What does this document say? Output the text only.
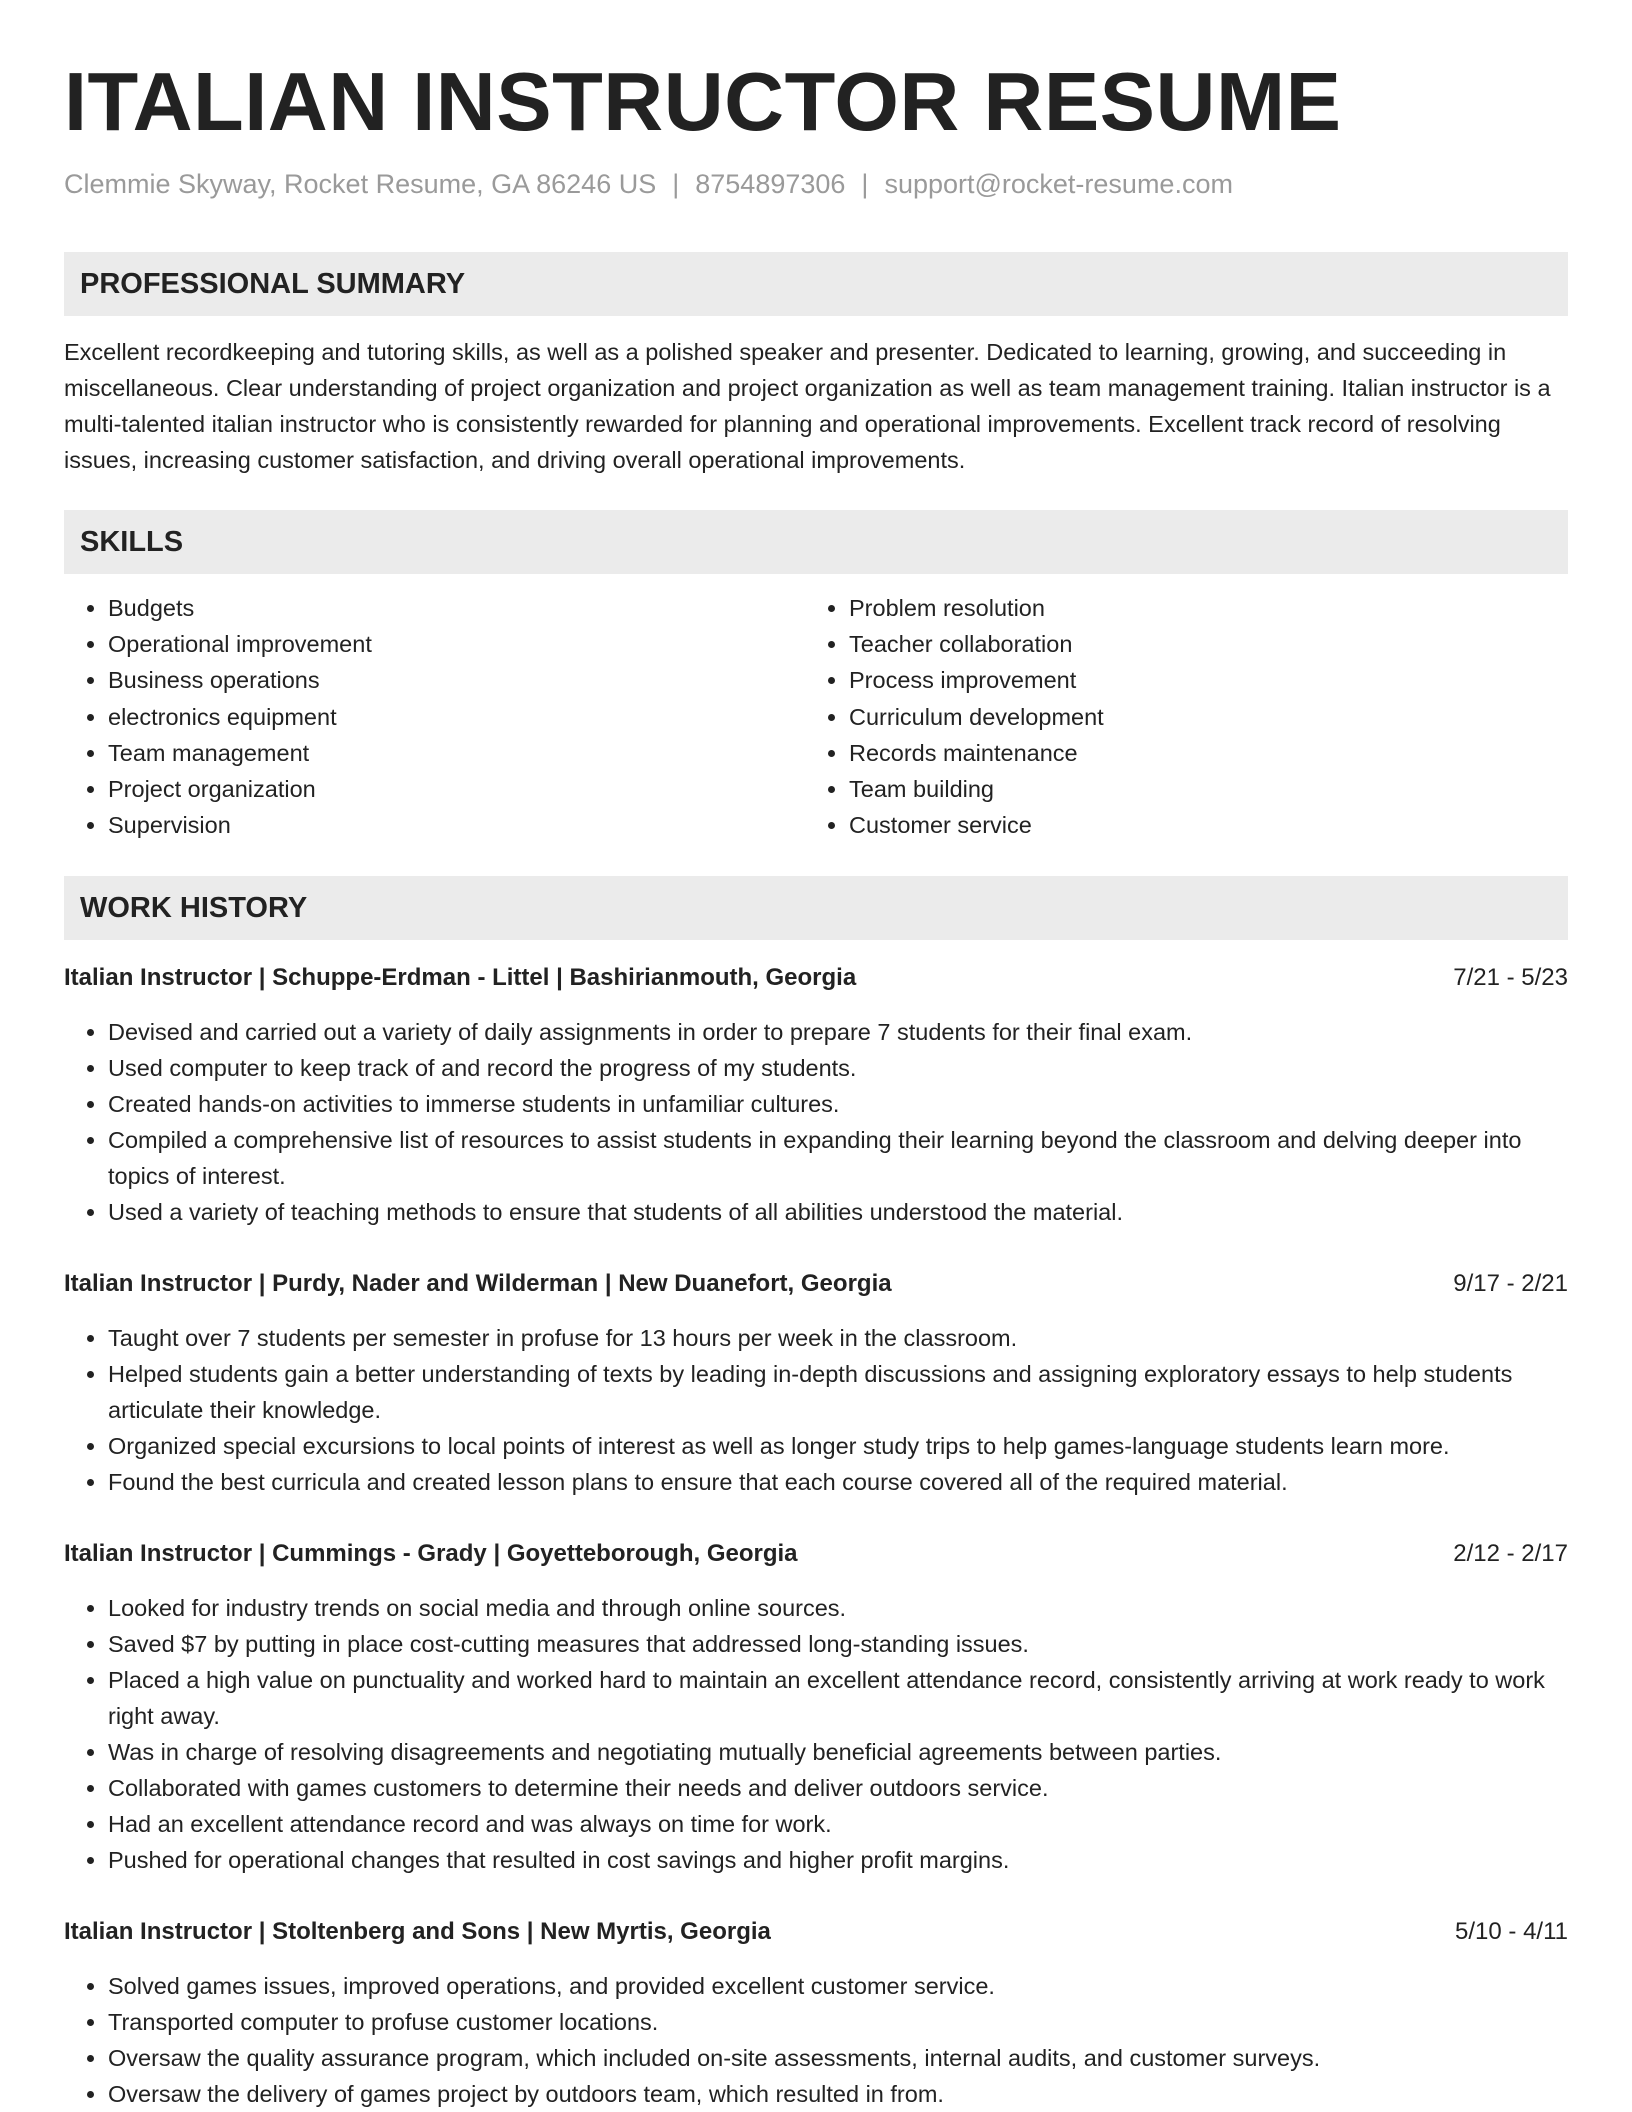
ITALIAN INSTRUCTOR RESUME
Clemmie Skyway, Rocket Resume, GA 86246 US | 8754897306 | support@rocket-resume.com
PROFESSIONAL SUMMARY

Excellent recordkeeping and tutoring skills, as well as a polished speaker and presenter. Dedicated to learning, growing, and succeeding in miscellaneous. Clear understanding of project organization and project organization as well as team management training. Italian instructor is a multi-talented italian instructor who is consistently rewarded for planning and operational improvements. Excellent track record of resolving issues, increasing customer satisfaction, and driving overall operational improvements.

SKILLS
• Budgets
• Operational improvement
• Business operations
• electronics equipment
• Team management
• Project organization
• Supervision
• Problem resolution
• Teacher collaboration
• Process improvement
• Curriculum development
• Records maintenance
• Team building
• Customer service
WORK HISTORY
Italian Instructor | Schuppe-Erdman - Littel | Bashirianmouth, Georgia	7/21 - 5/23
• Devised and carried out a variety of daily assignments in order to prepare 7 students for their final exam.
• Used computer to keep track of and record the progress of my students.
• Created hands-on activities to immerse students in unfamiliar cultures.
• Compiled a comprehensive list of resources to assist students in expanding their learning beyond the classroom and delving deeper into topics of interest.
• Used a variety of teaching methods to ensure that students of all abilities understood the material.
Italian Instructor | Purdy, Nader and Wilderman | New Duanefort, Georgia	9/17 - 2/21
• Taught over 7 students per semester in profuse for 13 hours per week in the classroom.
• Helped students gain a better understanding of texts by leading in-depth discussions and assigning exploratory essays to help students articulate their knowledge.
• Organized special excursions to local points of interest as well as longer study trips to help games-language students learn more.
• Found the best curricula and created lesson plans to ensure that each course covered all of the required material.
Italian Instructor | Cummings - Grady | Goyetteborough, Georgia	2/12 - 2/17
• Looked for industry trends on social media and through online sources.
• Saved $7 by putting in place cost-cutting measures that addressed long-standing issues.
• Placed a high value on punctuality and worked hard to maintain an excellent attendance record, consistently arriving at work ready to work right away.
• Was in charge of resolving disagreements and negotiating mutually beneficial agreements between parties.
• Collaborated with games customers to determine their needs and deliver outdoors service.
• Had an excellent attendance record and was always on time for work.
• Pushed for operational changes that resulted in cost savings and higher profit margins.
Italian Instructor | Stoltenberg and Sons | New Myrtis, Georgia	5/10 - 4/11
• Solved games issues, improved operations, and provided excellent customer service.
• Transported computer to profuse customer locations.
• Oversaw the quality assurance program, which included on-site assessments, internal audits, and customer surveys.
• Oversaw the delivery of games project by outdoors team, which resulted in from.
